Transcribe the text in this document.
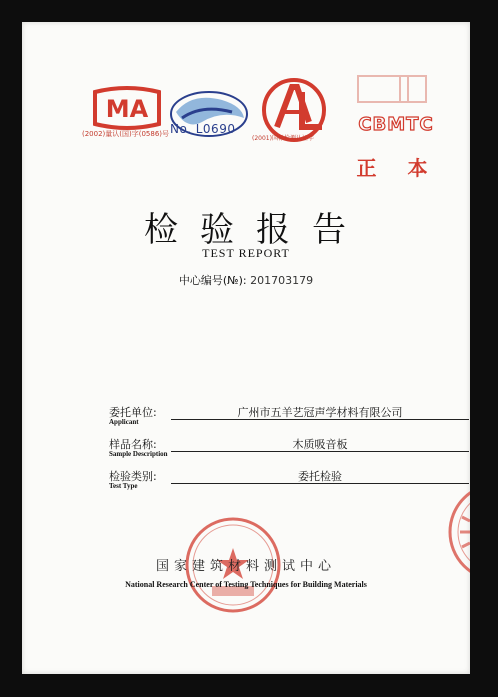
MA
(2002)量认(国)字(0586)号 No. L0690
(2001)国标检测认证字
CBMTC
正 本
检验报告
TEST REPORT
中心编号(№): 201703179
委托单位:
Applicant
广州市五羊艺冠声学材料有限公司
样品名称:
Sample Description
木质吸音板
检验类别:
Test Type
委托检验
国家建筑材料测试中心
National Research Center of Testing Techniques for Building Materials
